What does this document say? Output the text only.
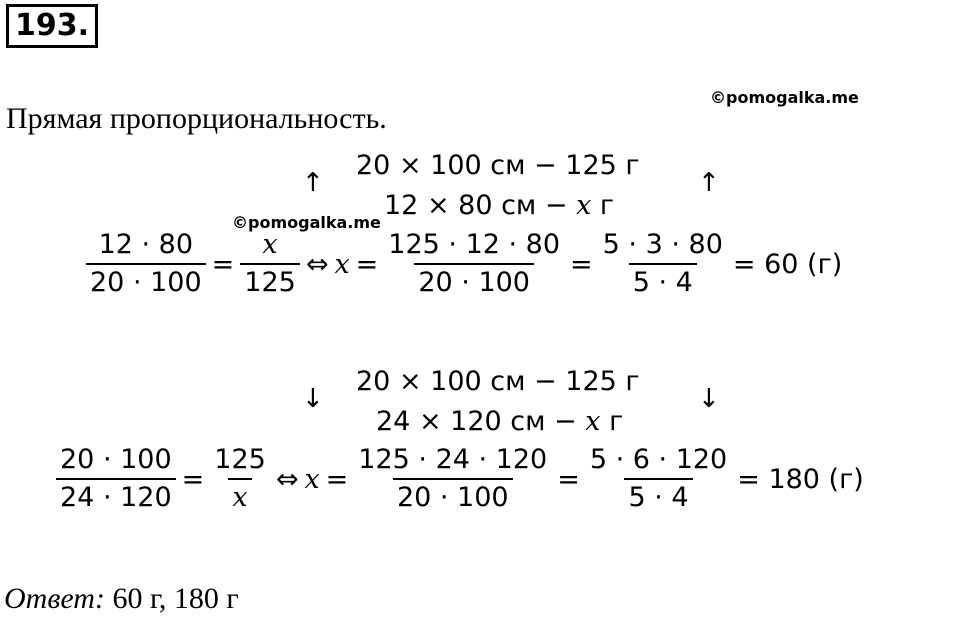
193.
©pomogalka.me
Прямая пропорциональность.
↑	↑
20 × 100 см − 125 г
12 × 80 см − x г
©pomogalka.me
$\frac{12 \cdot 80}{20 \cdot 100} = \frac{x}{125}$ ⇔ $x = \frac{125 \cdot 12 \cdot 80}{20 \cdot 100} = \frac{5 \cdot 3 \cdot 80}{5 \cdot 4} = 60$ (г)
↓	↓
20 × 100 см − 125 г
24 × 120 см − x г
$\frac{20 \cdot 100}{24 \cdot 120} = \frac{125}{x}$ ⇔ $x = \frac{125 \cdot 24 \cdot 120}{20 \cdot 100} = \frac{5 \cdot 6 \cdot 120}{5 \cdot 4} = 180$ (г)
Ответ: 60 г, 180 г
